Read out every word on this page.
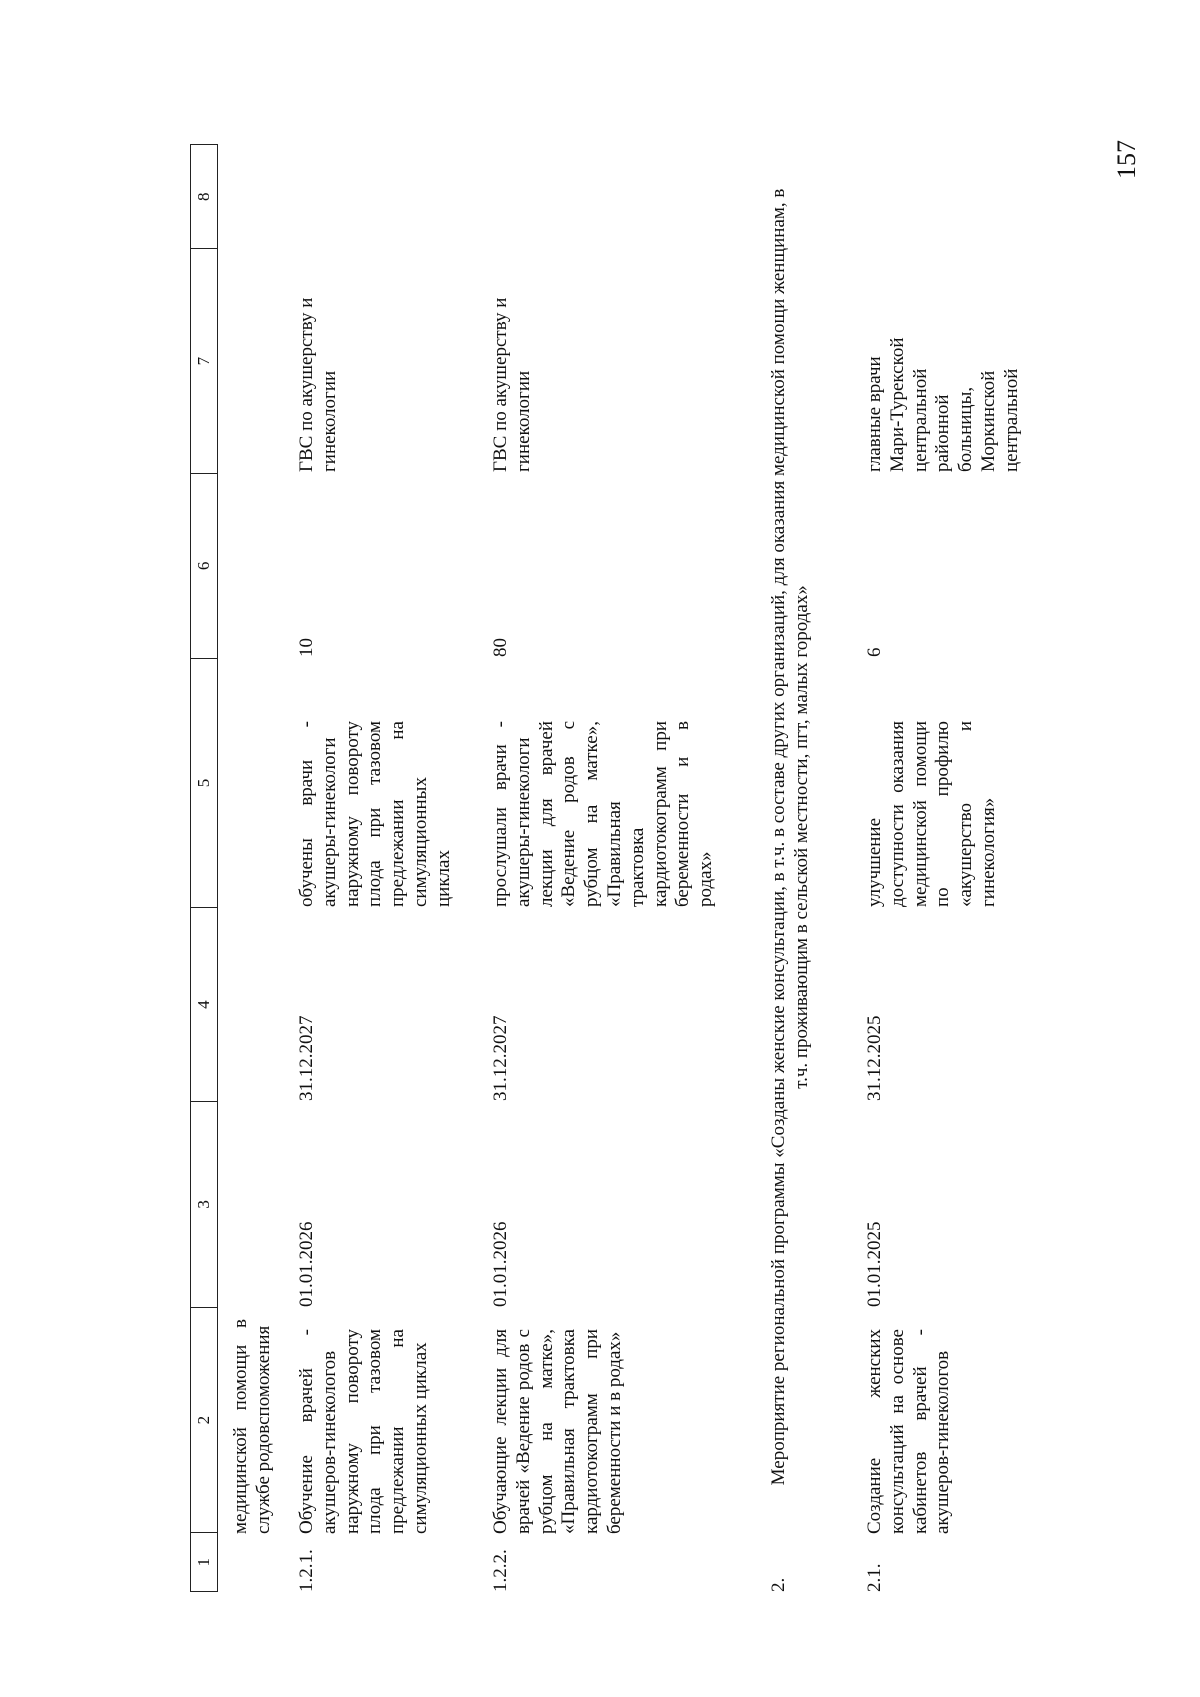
157
1
2
3
4
5
6
7
8
медицинской помощи в службе родовспоможения
1.2.1.
Обучение врачей - акушеров-гинекологов наружному повороту плода при тазовом предлежании на симуляционных циклах
01.01.2026
31.12.2027
обучены врачи - акушеры-гинекологи наружному повороту плода при тазовом предлежании на симуляционных циклах
10
ГВС по акушерству и гинекологии
1.2.2.
Обучающие лекции для врачей «Ведение родов с рубцом на матке», «Правильная трактовка кардиотокограмм при беременности и в родах»
01.01.2026
31.12.2027
прослушали врачи - акушеры-гинекологи лекции для врачей «Ведение родов с рубцом на матке», «Правильная трактовка кардиотокограмм при беременности и в родах»
80
ГВС по акушерству и гинекологии
2.
Мероприятие региональной программы «Созданы женские консультации, в т.ч. в составе других организаций, для оказания медицинской помощи женщинам, в т.ч. проживающим в сельской местности, пгт, малых городах»
2.1.
Создание женских консультаций на основе кабинетов врачей - акушеров-гинекологов
01.01.2025
31.12.2025
улучшение доступности оказания медицинской помощи по профилю «акушерство и гинекология»
6
главные врачи Мари-Турекской центральной районной больницы, Моркинской центральной
